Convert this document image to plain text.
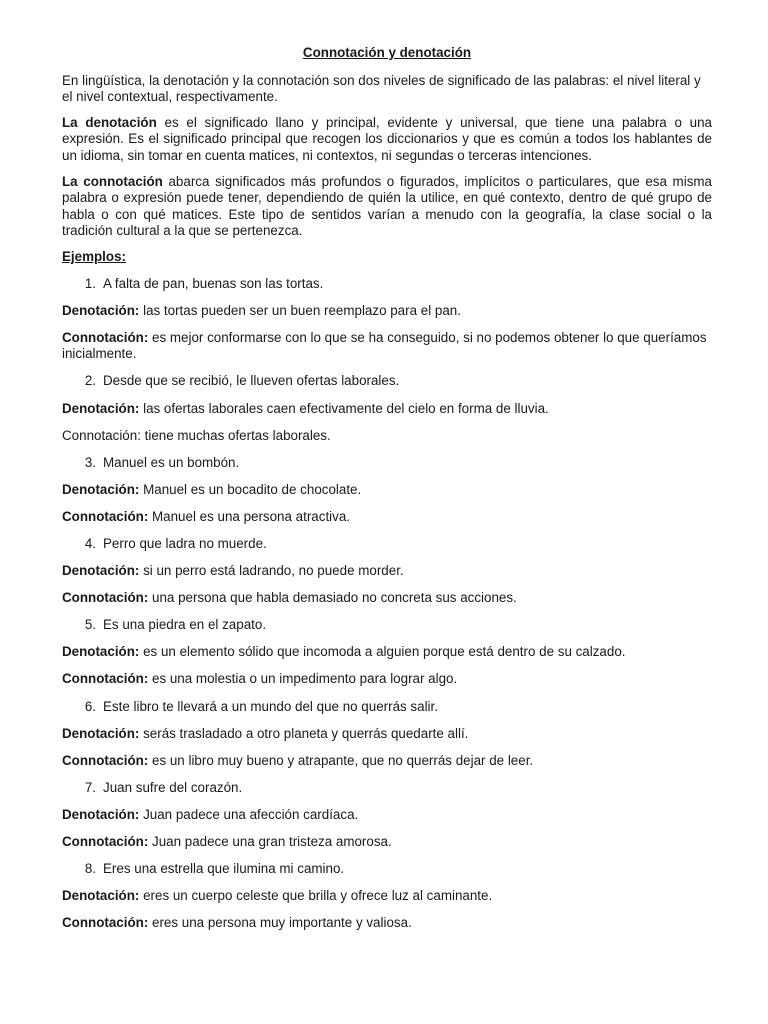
Connotación y denotación

En lingüística, la denotación y la connotación son dos niveles de significado de las palabras: el nivel literal y el nivel contextual, respectivamente.

La denotación es el significado llano y principal, evidente y universal, que tiene una palabra o una expresión. Es el significado principal que recogen los diccionarios y que es común a todos los hablantes de un idioma, sin tomar en cuenta matices, ni contextos, ni segundas o terceras intenciones.

La connotación abarca significados más profundos o figurados, implícitos o particulares, que esa misma palabra o expresión puede tener, dependiendo de quién la utilice, en qué contexto, dentro de qué grupo de habla o con qué matices. Este tipo de sentidos varían a menudo con la geografía, la clase social o la tradición cultural a la que se pertenezca.

Ejemplos:

1. A falta de pan, buenas son las tortas.

Denotación: las tortas pueden ser un buen reemplazo para el pan.

Connotación: es mejor conformarse con lo que se ha conseguido, si no podemos obtener lo que queríamos inicialmente.

2. Desde que se recibió, le llueven ofertas laborales.

Denotación: las ofertas laborales caen efectivamente del cielo en forma de lluvia.

Connotación: tiene muchas ofertas laborales.

3. Manuel es un bombón.

Denotación: Manuel es un bocadito de chocolate.

Connotación: Manuel es una persona atractiva.

4. Perro que ladra no muerde.

Denotación: si un perro está ladrando, no puede morder.

Connotación: una persona que habla demasiado no concreta sus acciones.

5. Es una piedra en el zapato.

Denotación: es un elemento sólido que incomoda a alguien porque está dentro de su calzado.

Connotación: es una molestia o un impedimento para lograr algo.

6. Este libro te llevará a un mundo del que no querrás salir.

Denotación: serás trasladado a otro planeta y querrás quedarte allí.

Connotación: es un libro muy bueno y atrapante, que no querrás dejar de leer.

7. Juan sufre del corazón.

Denotación: Juan padece una afección cardíaca.

Connotación: Juan padece una gran tristeza amorosa.

8. Eres una estrella que ilumina mi camino.

Denotación: eres un cuerpo celeste que brilla y ofrece luz al caminante.

Connotación: eres una persona muy importante y valiosa.
